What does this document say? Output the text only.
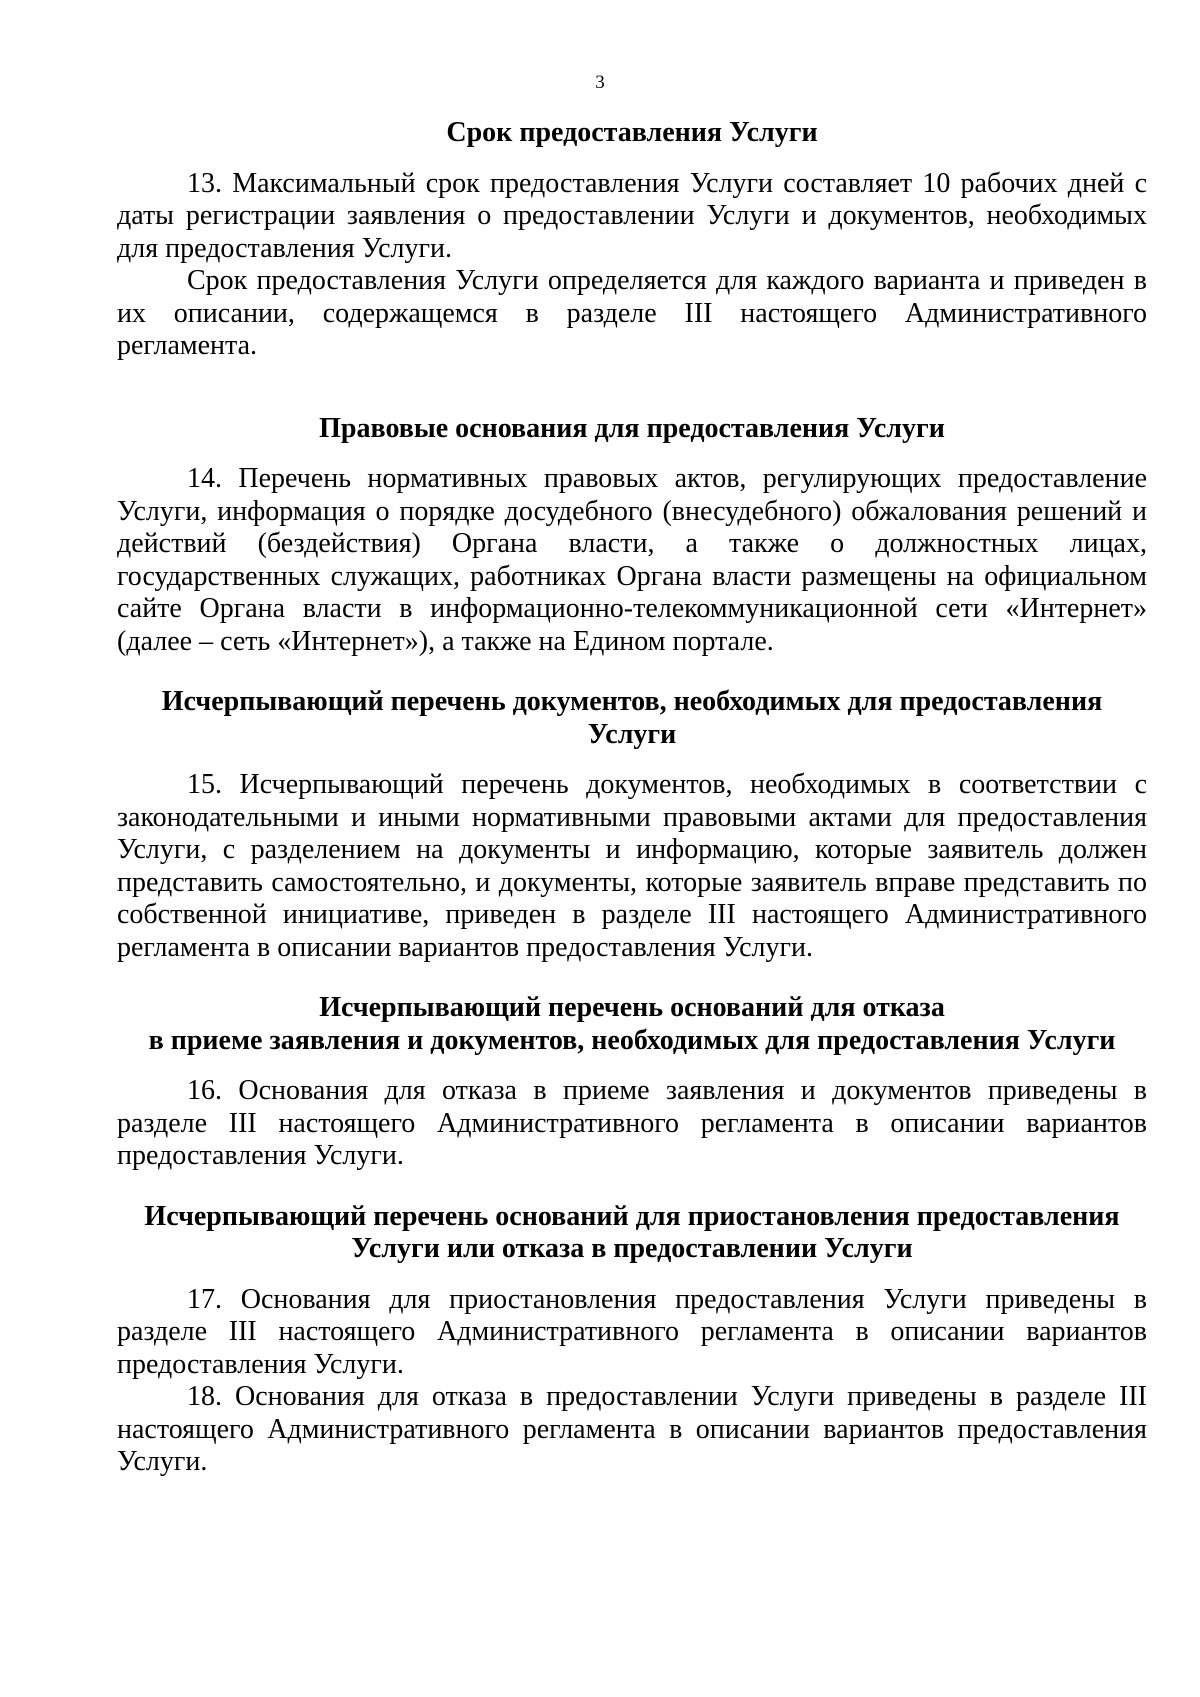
3
Срок предоставления Услуги

13. Максимальный срок предоставления Услуги составляет 10 рабочих дней с даты регистрации заявления о предоставлении Услуги и документов, необходимых для предоставления Услуги.

Срок предоставления Услуги определяется для каждого варианта и приведен в их описании, содержащемся в разделе III настоящего Административного регламента.

Правовые основания для предоставления Услуги

14. Перечень нормативных правовых актов, регулирующих предоставление Услуги, информация о порядке досудебного (внесудебного) обжалования решений и действий (бездействия) Органа власти, а также о должностных лицах, государственных служащих, работниках Органа власти размещены на официальном сайте Органа власти в информационно-телекоммуникационной сети «Интернет» (далее – сеть «Интернет»), а также на Едином портале.

Исчерпывающий перечень документов, необходимых для предоставления
Услуги

15. Исчерпывающий перечень документов, необходимых в соответствии с законодательными и иными нормативными правовыми актами для предоставления Услуги, с разделением на документы и информацию, которые заявитель должен представить самостоятельно, и документы, которые заявитель вправе представить по собственной инициативе, приведен в разделе III настоящего Административного регламента в описании вариантов предоставления Услуги.

Исчерпывающий перечень оснований для отказа
в приеме заявления и документов, необходимых для предоставления Услуги

16. Основания для отказа в приеме заявления и документов приведены в разделе III настоящего Административного регламента в описании вариантов предоставления Услуги.

Исчерпывающий перечень оснований для приостановления предоставления
Услуги или отказа в предоставлении Услуги

17. Основания для приостановления предоставления Услуги приведены в разделе III настоящего Административного регламента в описании вариантов предоставления Услуги.

18. Основания для отказа в предоставлении Услуги приведены в разделе III настоящего Административного регламента в описании вариантов предоставления Услуги.
